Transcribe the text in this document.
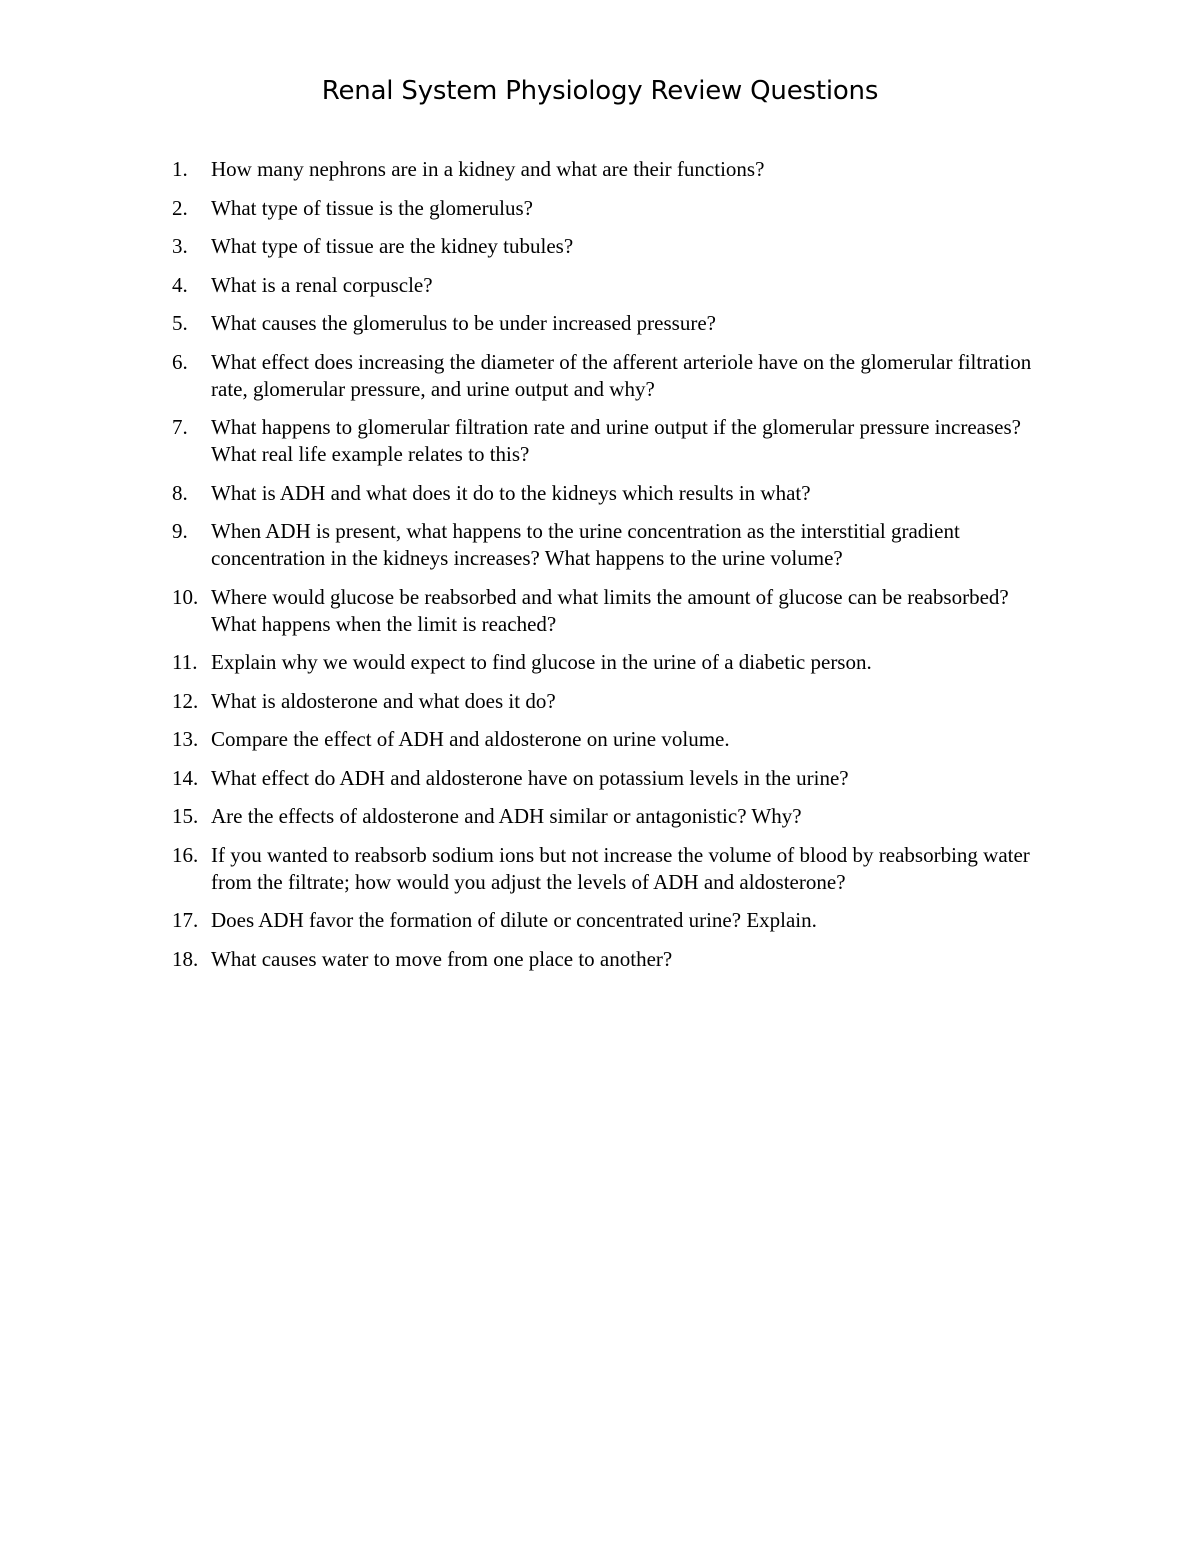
Renal System Physiology Review Questions
1. How many nephrons are in a kidney and what are their functions?
2. What type of tissue is the glomerulus?
3. What type of tissue are the kidney tubules?
4. What is a renal corpuscle?
5. What causes the glomerulus to be under increased pressure?
6. What effect does increasing the diameter of the afferent arteriole have on the glomerular filtration rate, glomerular pressure, and urine output and why?
7. What happens to glomerular filtration rate and urine output if the glomerular pressure increases? What real life example relates to this?
8. What is ADH and what does it do to the kidneys which results in what?
9. When ADH is present, what happens to the urine concentration as the interstitial gradient concentration in the kidneys increases? What happens to the urine volume?
10. Where would glucose be reabsorbed and what limits the amount of glucose can be reabsorbed? What happens when the limit is reached?
11. Explain why we would expect to find glucose in the urine of a diabetic person.
12. What is aldosterone and what does it do?
13. Compare the effect of ADH and aldosterone on urine volume.
14. What effect do ADH and aldosterone have on potassium levels in the urine?
15. Are the effects of aldosterone and ADH similar or antagonistic? Why?
16. If you wanted to reabsorb sodium ions but not increase the volume of blood by reabsorbing water from the filtrate; how would you adjust the levels of ADH and aldosterone?
17. Does ADH favor the formation of dilute or concentrated urine? Explain.
18. What causes water to move from one place to another?
